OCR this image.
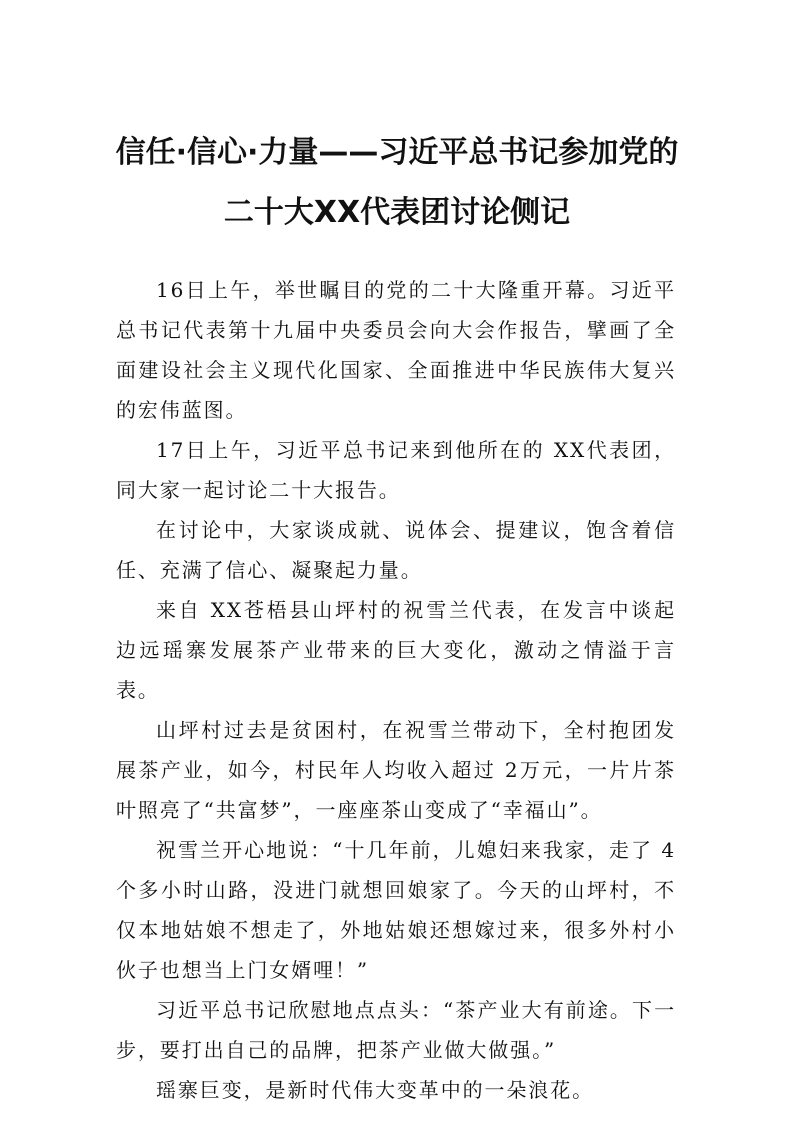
信任·信心·力量——习近平总书记参加党的
二十大XX代表团讨论侧记

16日上午，举世瞩目的党的二十大隆重开幕。习近平总书记代表第十九届中央委员会向大会作报告，擘画了全面建设社会主义现代化国家、全面推进中华民族伟大复兴的宏伟蓝图。

17日上午，习近平总书记来到他所在的 XX代表团，同大家一起讨论二十大报告。

在讨论中，大家谈成就、说体会、提建议，饱含着信任、充满了信心、凝聚起力量。

来自 XX苍梧县山坪村的祝雪兰代表，在发言中谈起边远瑶寨发展茶产业带来的巨大变化，激动之情溢于言表。

山坪村过去是贫困村，在祝雪兰带动下，全村抱团发展茶产业，如今，村民年人均收入超过 2万元，一片片茶叶照亮了“共富梦”，一座座茶山变成了“幸福山”。

祝雪兰开心地说：“十几年前，儿媳妇来我家，走了 4个多小时山路，没进门就想回娘家了。今天的山坪村，不仅本地姑娘不想走了，外地姑娘还想嫁过来，很多外村小伙子也想当上门女婿哩！”

习近平总书记欣慰地点点头：“茶产业大有前途。下一步，要打出自己的品牌，把茶产业做大做强。”

瑶寨巨变，是新时代伟大变革中的一朵浪花。
